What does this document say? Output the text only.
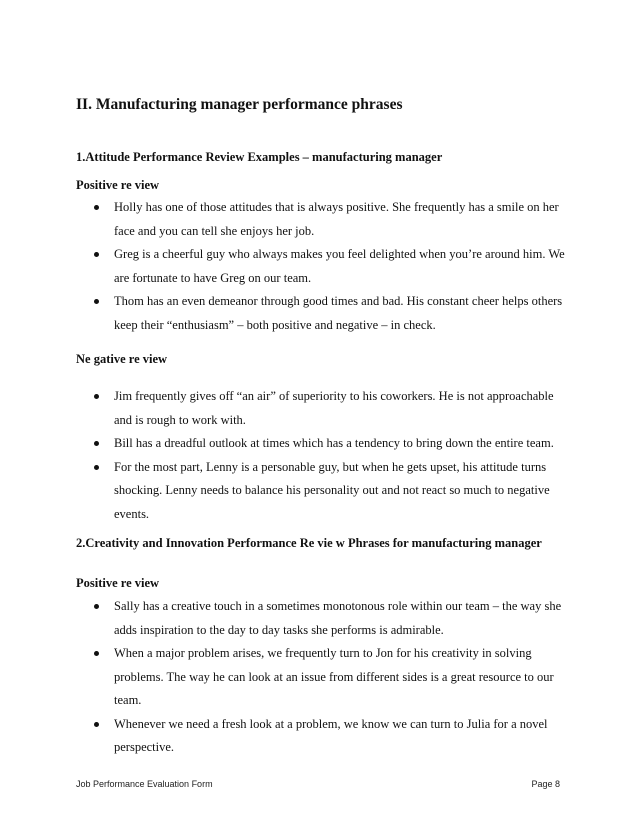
II. Manufacturing manager performance phrases
1.Attitude Performance Review Examples – manufacturing manager
Positive re view
Holly has one of those attitudes that is always positive. She frequently has a smile on her face and you can tell she enjoys her job.
Greg is a cheerful guy who always makes you feel delighted when you’re around him. We are fortunate to have Greg on our team.
Thom has an even demeanor through good times and bad. His constant cheer helps others keep their “enthusiasm” – both positive and negative – in check.
Ne gative re view
Jim frequently gives off “an air” of superiority to his coworkers. He is not approachable and is rough to work with.
Bill has a dreadful outlook at times which has a tendency to bring down the entire team.
For the most part, Lenny is a personable guy, but when he gets upset, his attitude turns shocking. Lenny needs to balance his personality out and not react so much to negative events.
2.Creativity and Innovation Performance Re vie w Phrases for manufacturing manager
Positive re view
Sally has a creative touch in a sometimes monotonous role within our team – the way she adds inspiration to the day to day tasks she performs is admirable.
When a major problem arises, we frequently turn to Jon for his creativity in solving problems. The way he can look at an issue from different sides is a great resource to our team.
Whenever we need a fresh look at a problem, we know we can turn to Julia for a novel perspective.
Job Performance Evaluation Form	Page 8
